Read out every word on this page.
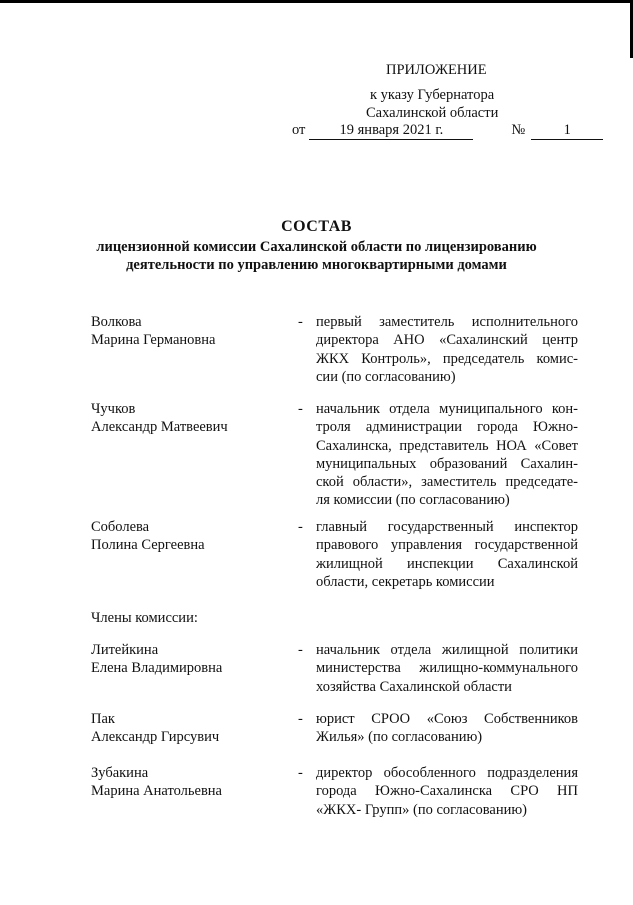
ПРИЛОЖЕНИЕ
к указу Губернатора
Сахалинской области
от 19 января 2021 г.	№	1
СОСТАВ
лицензионной комиссии Сахалинской области по лицензированию
деятельности по управлению многоквартирными домами
Волкова
Марина Германовна
- первый заместитель исполнительного
директора АНО «Сахалинский центр
ЖКХ Контроль», председатель комис-
сии (по согласованию)
Чучков
Александр Матвеевич
- начальник отдела муниципального кон-
троля администрации города Южно-
Сахалинска, представитель НОА «Совет
муниципальных образований Сахалин-
ской области», заместитель председате-
ля комиссии (по согласованию)
Соболева
Полина Сергеевна
- главный государственный инспектор
правового управления государственной
жилищной инспекции Сахалинской
области, секретарь комиссии
Члены комиссии:
Литейкина
Елена Владимировна
- начальник отдела жилищной политики
министерства жилищно-коммунального
хозяйства Сахалинской области
Пак
Александр Гирсувич
- юрист СРОО «Союз Собственников
Жилья» (по согласованию)
Зубакина
Марина Анатольевна
- директор обособленного подразделения
города Южно-Сахалинска СРО НП
«ЖКХ- Групп» (по согласованию)
